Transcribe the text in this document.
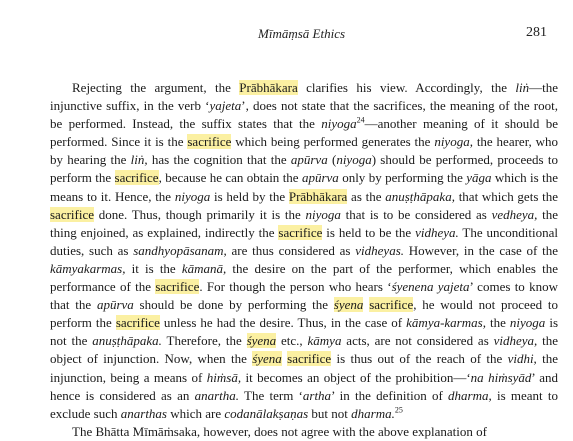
Mīmāṃsā Ethics	281

Rejecting the argument, the Prābhākara clarifies his view. Accordingly, the liṅ—the injunctive suffix, in the verb ‘yajeta’, does not state that the sacrifices, the meaning of the root, be performed. Instead, the suffix states that the niyoga$^{24}$—another meaning of it should be performed. Since it is the sacrifice which being performed generates the niyoga, the hearer, who by hearing the liṅ, has the cognition that the apūrva (niyoga) should be performed, proceeds to perform the sacrifice, because he can obtain the apūrva only by performing the yāga which is the means to it. Hence, the niyoga is held by the Prābhākara as the anuṣṭhāpaka, that which gets the sacrifice done. Thus, though primarily it is the niyoga that is to be considered as vedheya, the thing enjoined, as explained, indirectly the sacrifice is held to be the vidheya. The unconditional duties, such as sandhyopāsanam, are thus considered as vidheyas. However, in the case of the kāmyakarmas, it is the kāmanā, the desire on the part of the performer, which enables the performance of the sacrifice. For though the person who hears ‘śyenena yajeta’ comes to know that the apūrva should be done by performing the śyena sacrifice, he would not proceed to perform the sacrifice unless he had the desire. Thus, in the case of kāmya-karmas, the niyoga is not the anuṣṭhāpaka. Therefore, the śyena etc., kāmya acts, are not considered as vidheya, the object of injunction. Now, when the śyena sacrifice is thus out of the reach of the vidhi, the injunction, being a means of hiṁsā, it becomes an object of the prohibition—‘na hiṁsyād’ and hence is considered as an anartha. The term ‘artha’ in the definition of dharma, is meant to exclude such anarthas which are codanālakṣaṇas but not dharma.$^{25}$

The Bhātta Mīmāṁsaka, however, does not agree with the above explanation of
